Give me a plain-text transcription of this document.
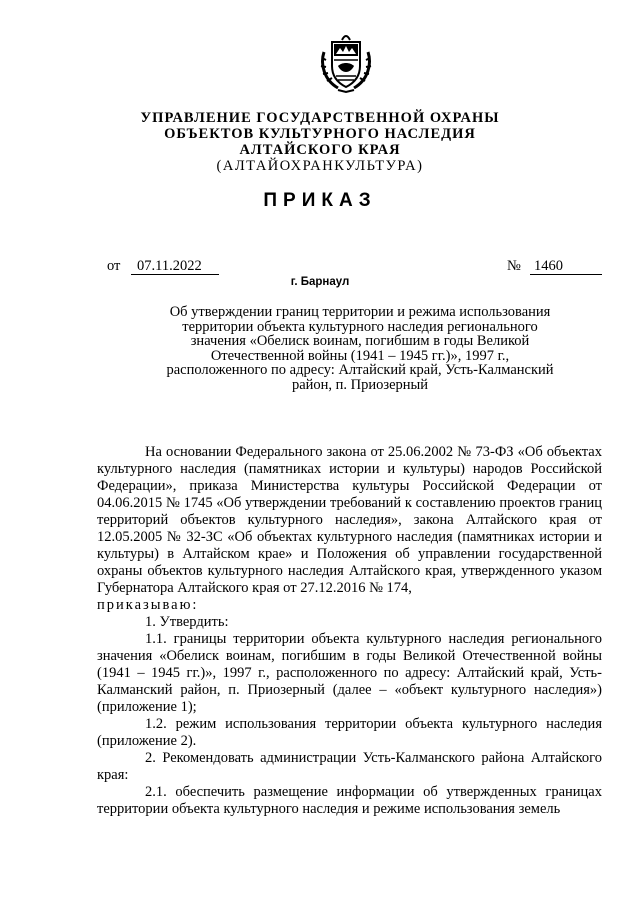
УПРАВЛЕНИЕ ГОСУДАРСТВЕННОЙ ОХРАНЫ
ОБЪЕКТОВ КУЛЬТУРНОГО НАСЛЕДИЯ
АЛТАЙСКОГО КРАЯ
(АЛТАЙОХРАНКУЛЬТУРА)
ПРИКАЗ
от	07.11.2022	№ 1460
г. Барнаул
Об утверждении границ территории и режима использования
территории объекта культурного наследия регионального
значения «Обелиск воинам, погибшим в годы Великой
Отечественной войны (1941 – 1945 гг.)», 1997 г.,
расположенного по адресу: Алтайский край, Усть-Калманский
район, п. Приозерный

На основании Федерального закона от 25.06.2002 № 73-ФЗ «Об объектах культурного наследия (памятниках истории и культуры) народов Российской Федерации», приказа Министерства культуры Российской Федерации от 04.06.2015 № 1745 «Об утверждении требований к составлению проектов границ территорий объектов культурного наследия», закона Алтайского края от 12.05.2005 № 32-ЗС «Об объектах культурного наследия (памятниках истории и культуры) в Алтайском крае» и Положения об управлении государственной охраны объектов культурного наследия Алтайского края, утвержденного указом Губернатора Алтайского края от 27.12.2016 № 174,

приказываю:

1. Утвердить:

1.1. границы территории объекта культурного наследия регионального значения «Обелиск воинам, погибшим в годы Великой Отечественной войны (1941 – 1945 гг.)», 1997 г., расположенного по адресу: Алтайский край, Усть-Калманский район, п. Приозерный (далее – «объект культурного наследия») (приложение 1);

1.2. режим использования территории объекта культурного наследия (приложение 2).

2. Рекомендовать администрации Усть-Калманского района Алтайского края:

2.1. обеспечить размещение информации об утвержденных границах территории объекта культурного наследия и режиме использования земель
